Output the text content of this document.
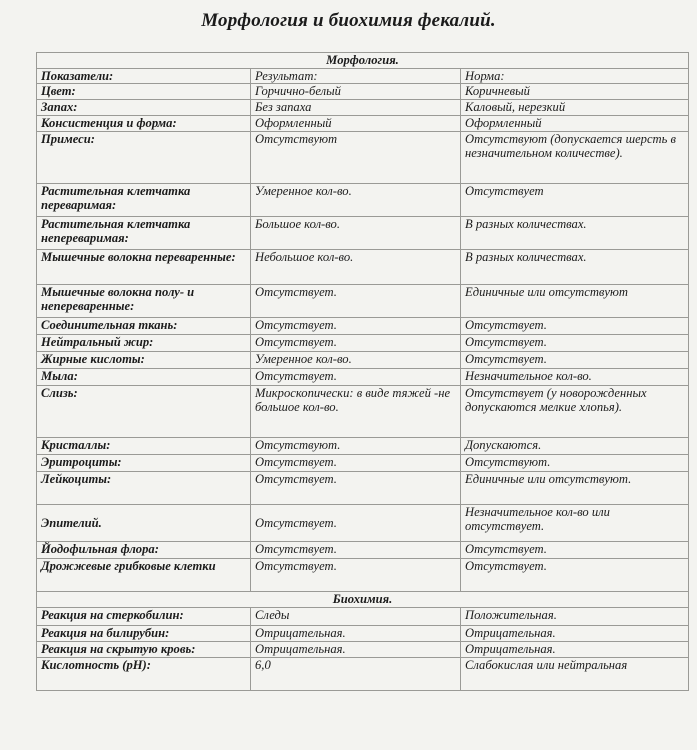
Морфология и биохимия фекалий.
Морфология.		
Показатели:	Результат:	Норма:
Цвет:	Горчично-белый	Коричневый
Запах:	Без запаха	Каловый, нерезкий
Консистенция и форма:	Оформленный	Оформленный
Примеси:	Отсутствуют	Отсутствуют (допускается шерсть в незначительном количестве).
Растительная клетчатка переваримая:	Умеренное кол-во.	Отсутствует
Растительная клетчатка непереваримая:	Большое кол-во.	В разных количествах.
Мышечные волокна переваренные:	Небольшое кол-во.	В разных количествах.
Мышечные волокна полу- и непереваренные:	Отсутствует.	Единичные или отсутствуют
Соединительная ткань:	Отсутствует.	Отсутствует.
Нейтральный жир:	Отсутствует.	Отсутствует.
Жирные кислоты:	Умеренное кол-во.	Отсутствует.
Мыла:	Отсутствует.	Незначительное кол-во.
Слизь:	Микроскопически: в виде тяжей -не большое кол-во.	Отсутствует (у новорожденных допускаются мелкие хлопья).
Кристаллы:	Отсутствуют.	Допускаются.
Эритроциты:	Отсутствует.	Отсутствуют.
Лейкоциты:	Отсутствует.	Единичные или отсутствуют.
Эпителий.	Отсутствует.	Незначительное кол-во или отсутствует.
Йодофильная флора:	Отсутствует.	Отсутствует.
Дрожжевые грибковые клетки	Отсутствует.	Отсутствует.
Биохимия.		
Реакция на стеркобилин:	Следы	Положительная.
Реакция на билирубин:	Отрицательная.	Отрицательная.
Реакция на скрытую кровь:	Отрицательная.	Отрицательная.
Кислотность (pH):	6,0	Слабокислая или нейтральная
